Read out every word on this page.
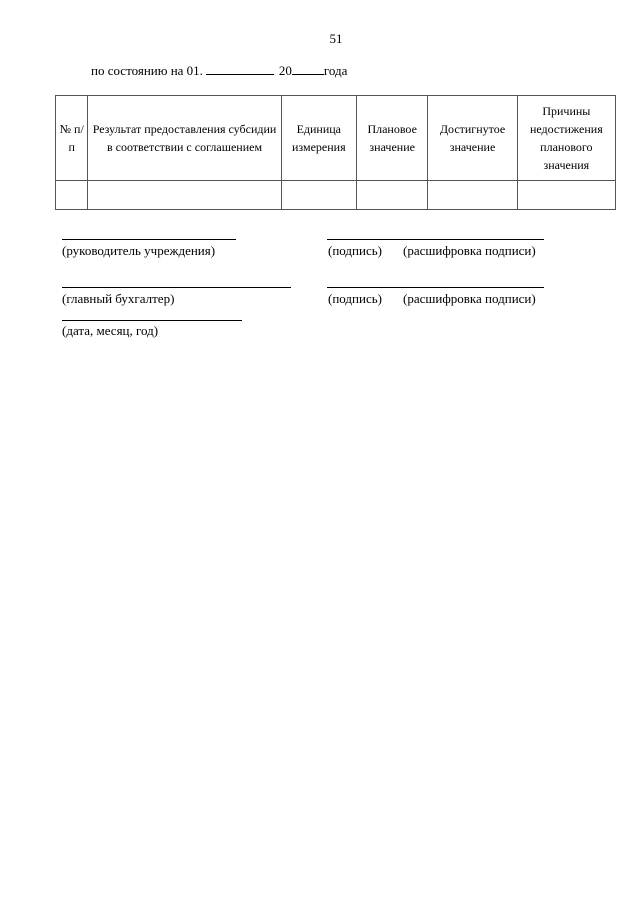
51
по состоянию на 01.	20 года
№ п/п	Результат предоставления субсидии в соответствии с соглашением	Единица измерения	Плановое значение	Достигнутое значение	Причины недостижения планового значения

(руководитель учреждения)	(подпись) (расшифровка подписи)
(главный бухгалтер)	(подпись) (расшифровка подписи)
(дата, месяц, год)
